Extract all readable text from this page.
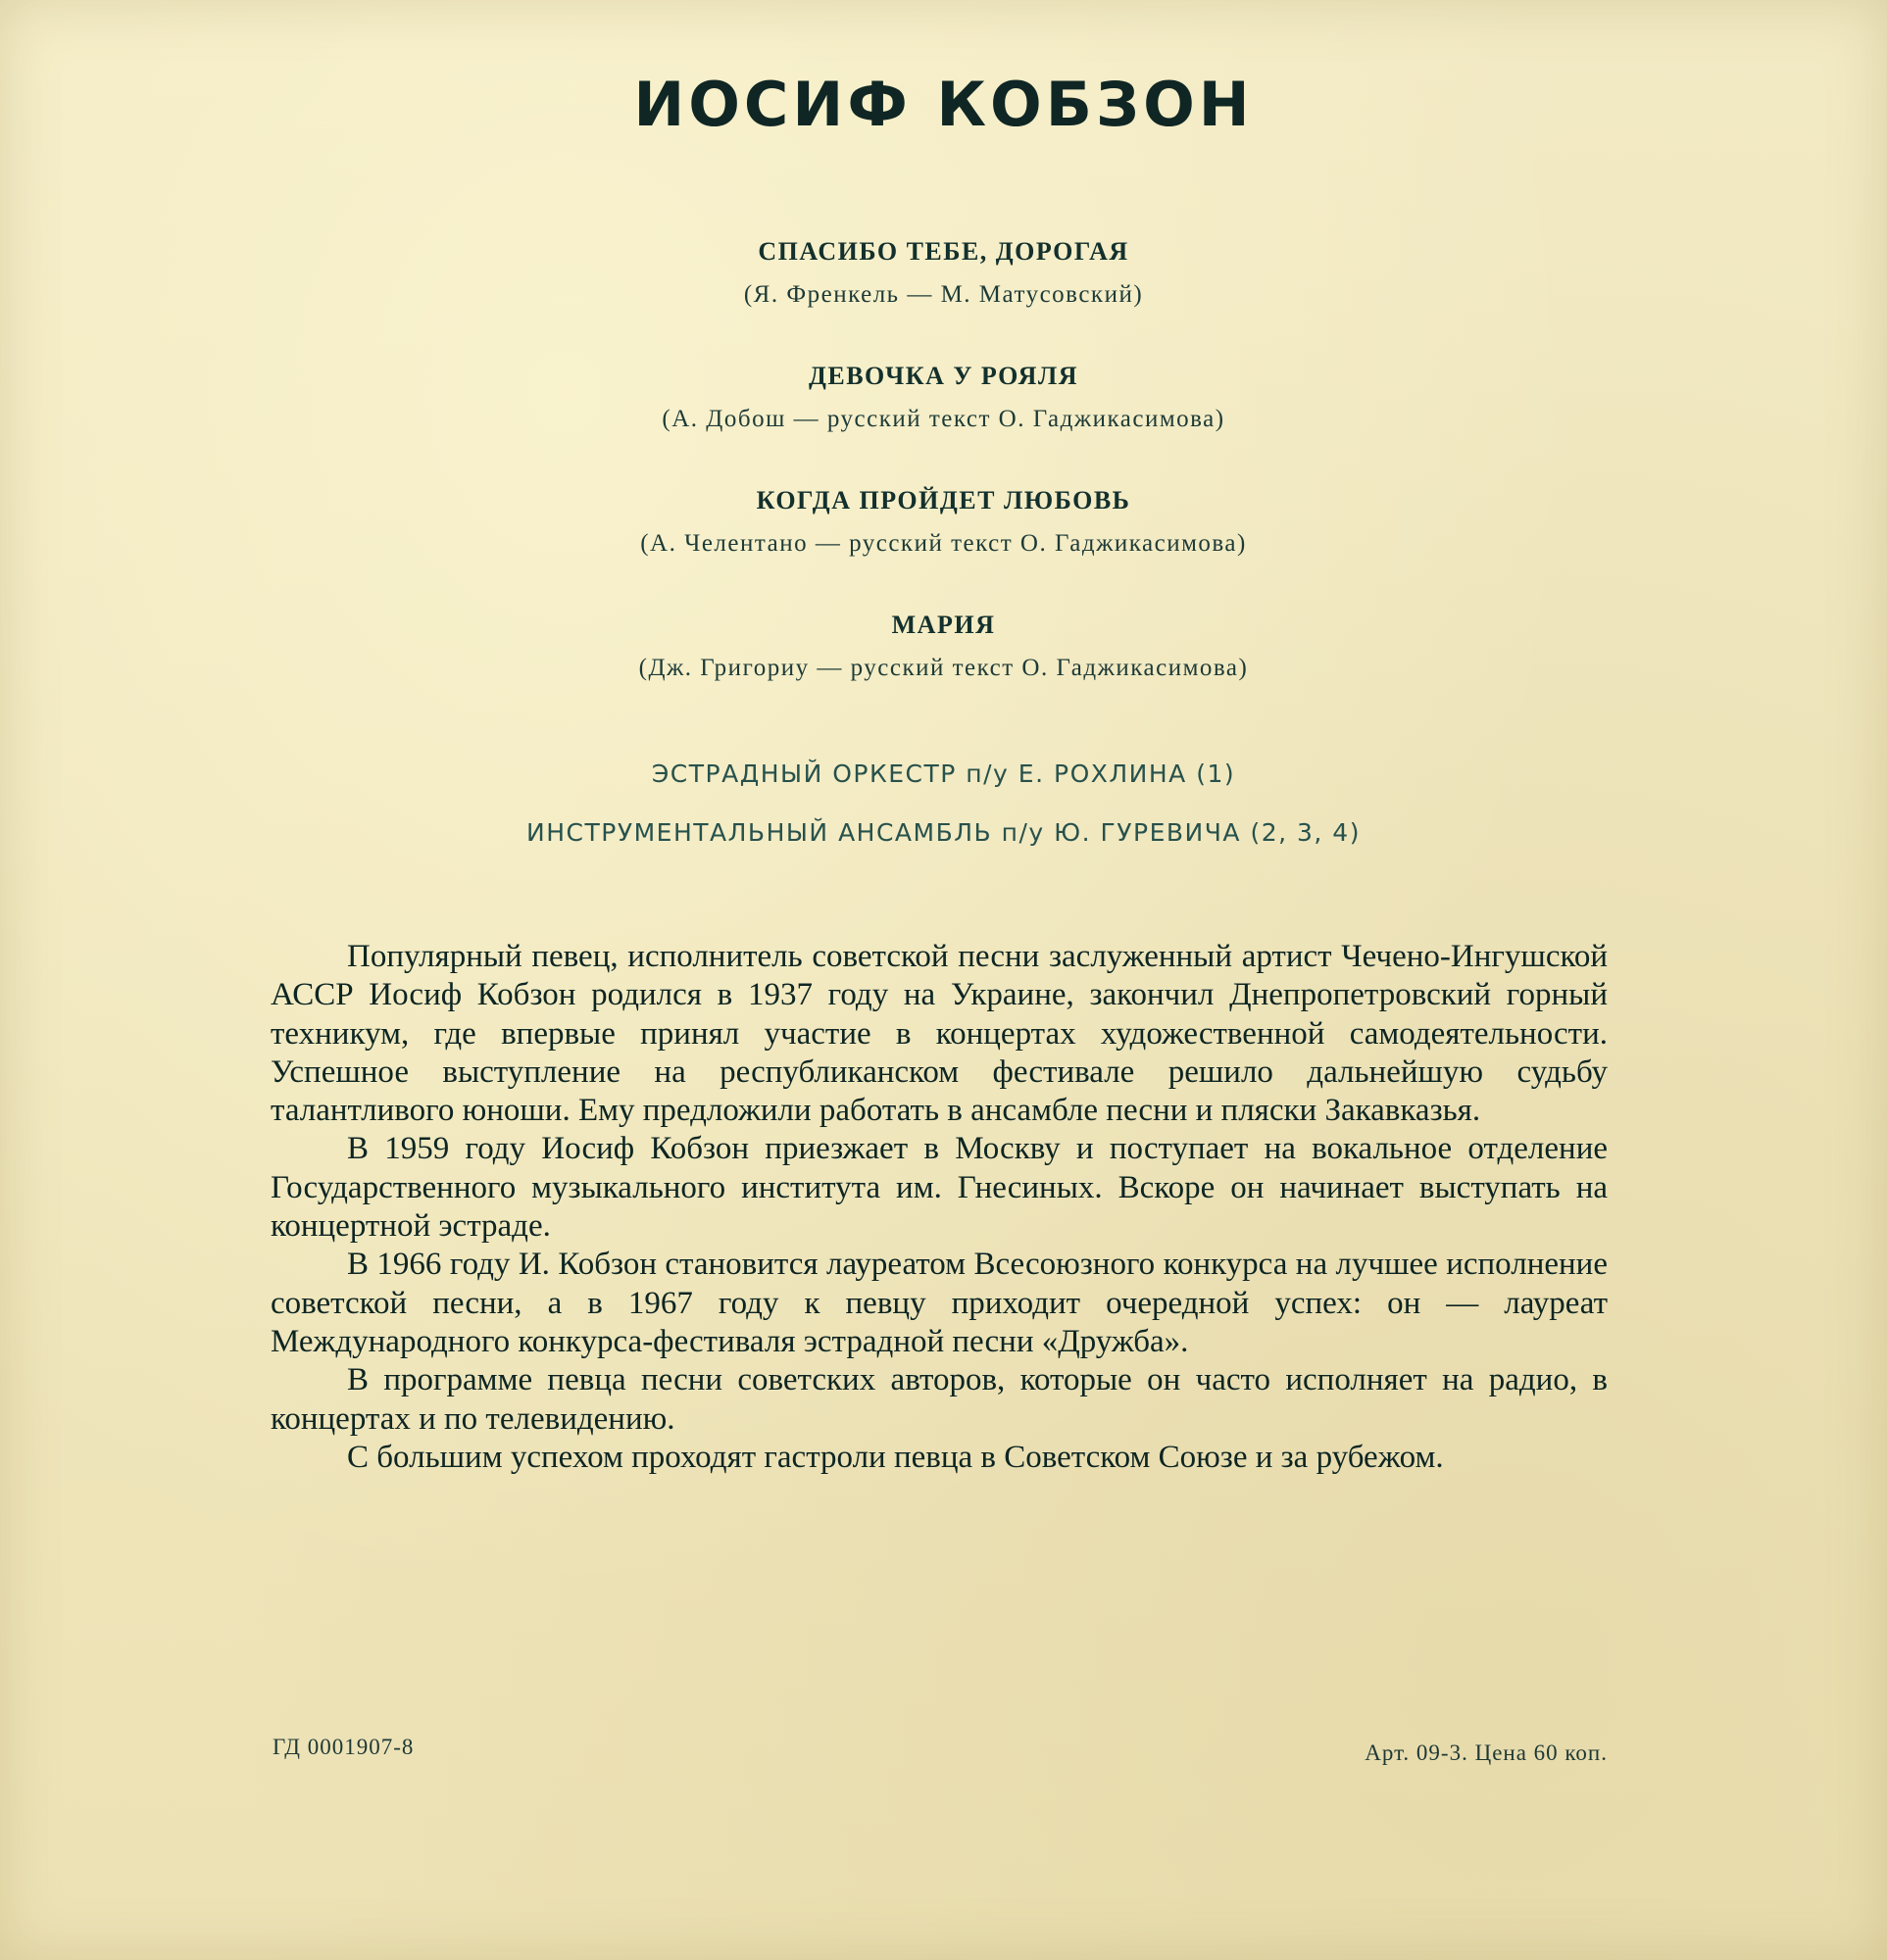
ИОСИФ КОБЗОН
СПАСИБО ТЕБЕ, ДОРОГАЯ
(Я. Френкель — М. Матусовский)
ДЕВОЧКА У РОЯЛЯ
(А. Добош — русский текст О. Гаджикасимова)
КОГДА ПРОЙДЕТ ЛЮБОВЬ
(А. Челентано — русский текст О. Гаджикасимова)
МАРИЯ
(Дж. Григориу — русский текст О. Гаджикасимова)
ЭСТРАДНЫЙ ОРКЕСТР п/у Е. РОХЛИНА (1)
ИНСТРУМЕНТАЛЬНЫЙ АНСАМБЛЬ п/у Ю. ГУРЕВИЧА (2, 3, 4)

Популярный певец, исполнитель советской песни заслуженный артист Чечено-Ингушской АССР Иосиф Кобзон родился в 1937 году на Украине, закончил Днепропетровский горный техникум, где впервые принял участие в концертах художественной самодеятельности. Успешное выступление на республиканском фестивале решило дальнейшую судьбу талантливого юноши. Ему предложили работать в ансамбле песни и пляски Закавказья.

В 1959 году Иосиф Кобзон приезжает в Москву и поступает на вокальное отделение Государственного музыкального института им. Гнесиных. Вскоре он начинает выступать на концертной эстраде.

В 1966 году И. Кобзон становится лауреатом Всесоюзного конкурса на лучшее исполнение советской песни, а в 1967 году к певцу приходит очередной успех: он — лауреат Международного конкурса-фестиваля эстрадной песни «Дружба».

В программе певца песни советских авторов, которые он часто исполняет на радио, в концертах и по телевидению.

С большим успехом проходят гастроли певца в Советском Союзе и за рубежом.

ГД 0001907-8	Арт. 09-3. Цена 60 коп.
